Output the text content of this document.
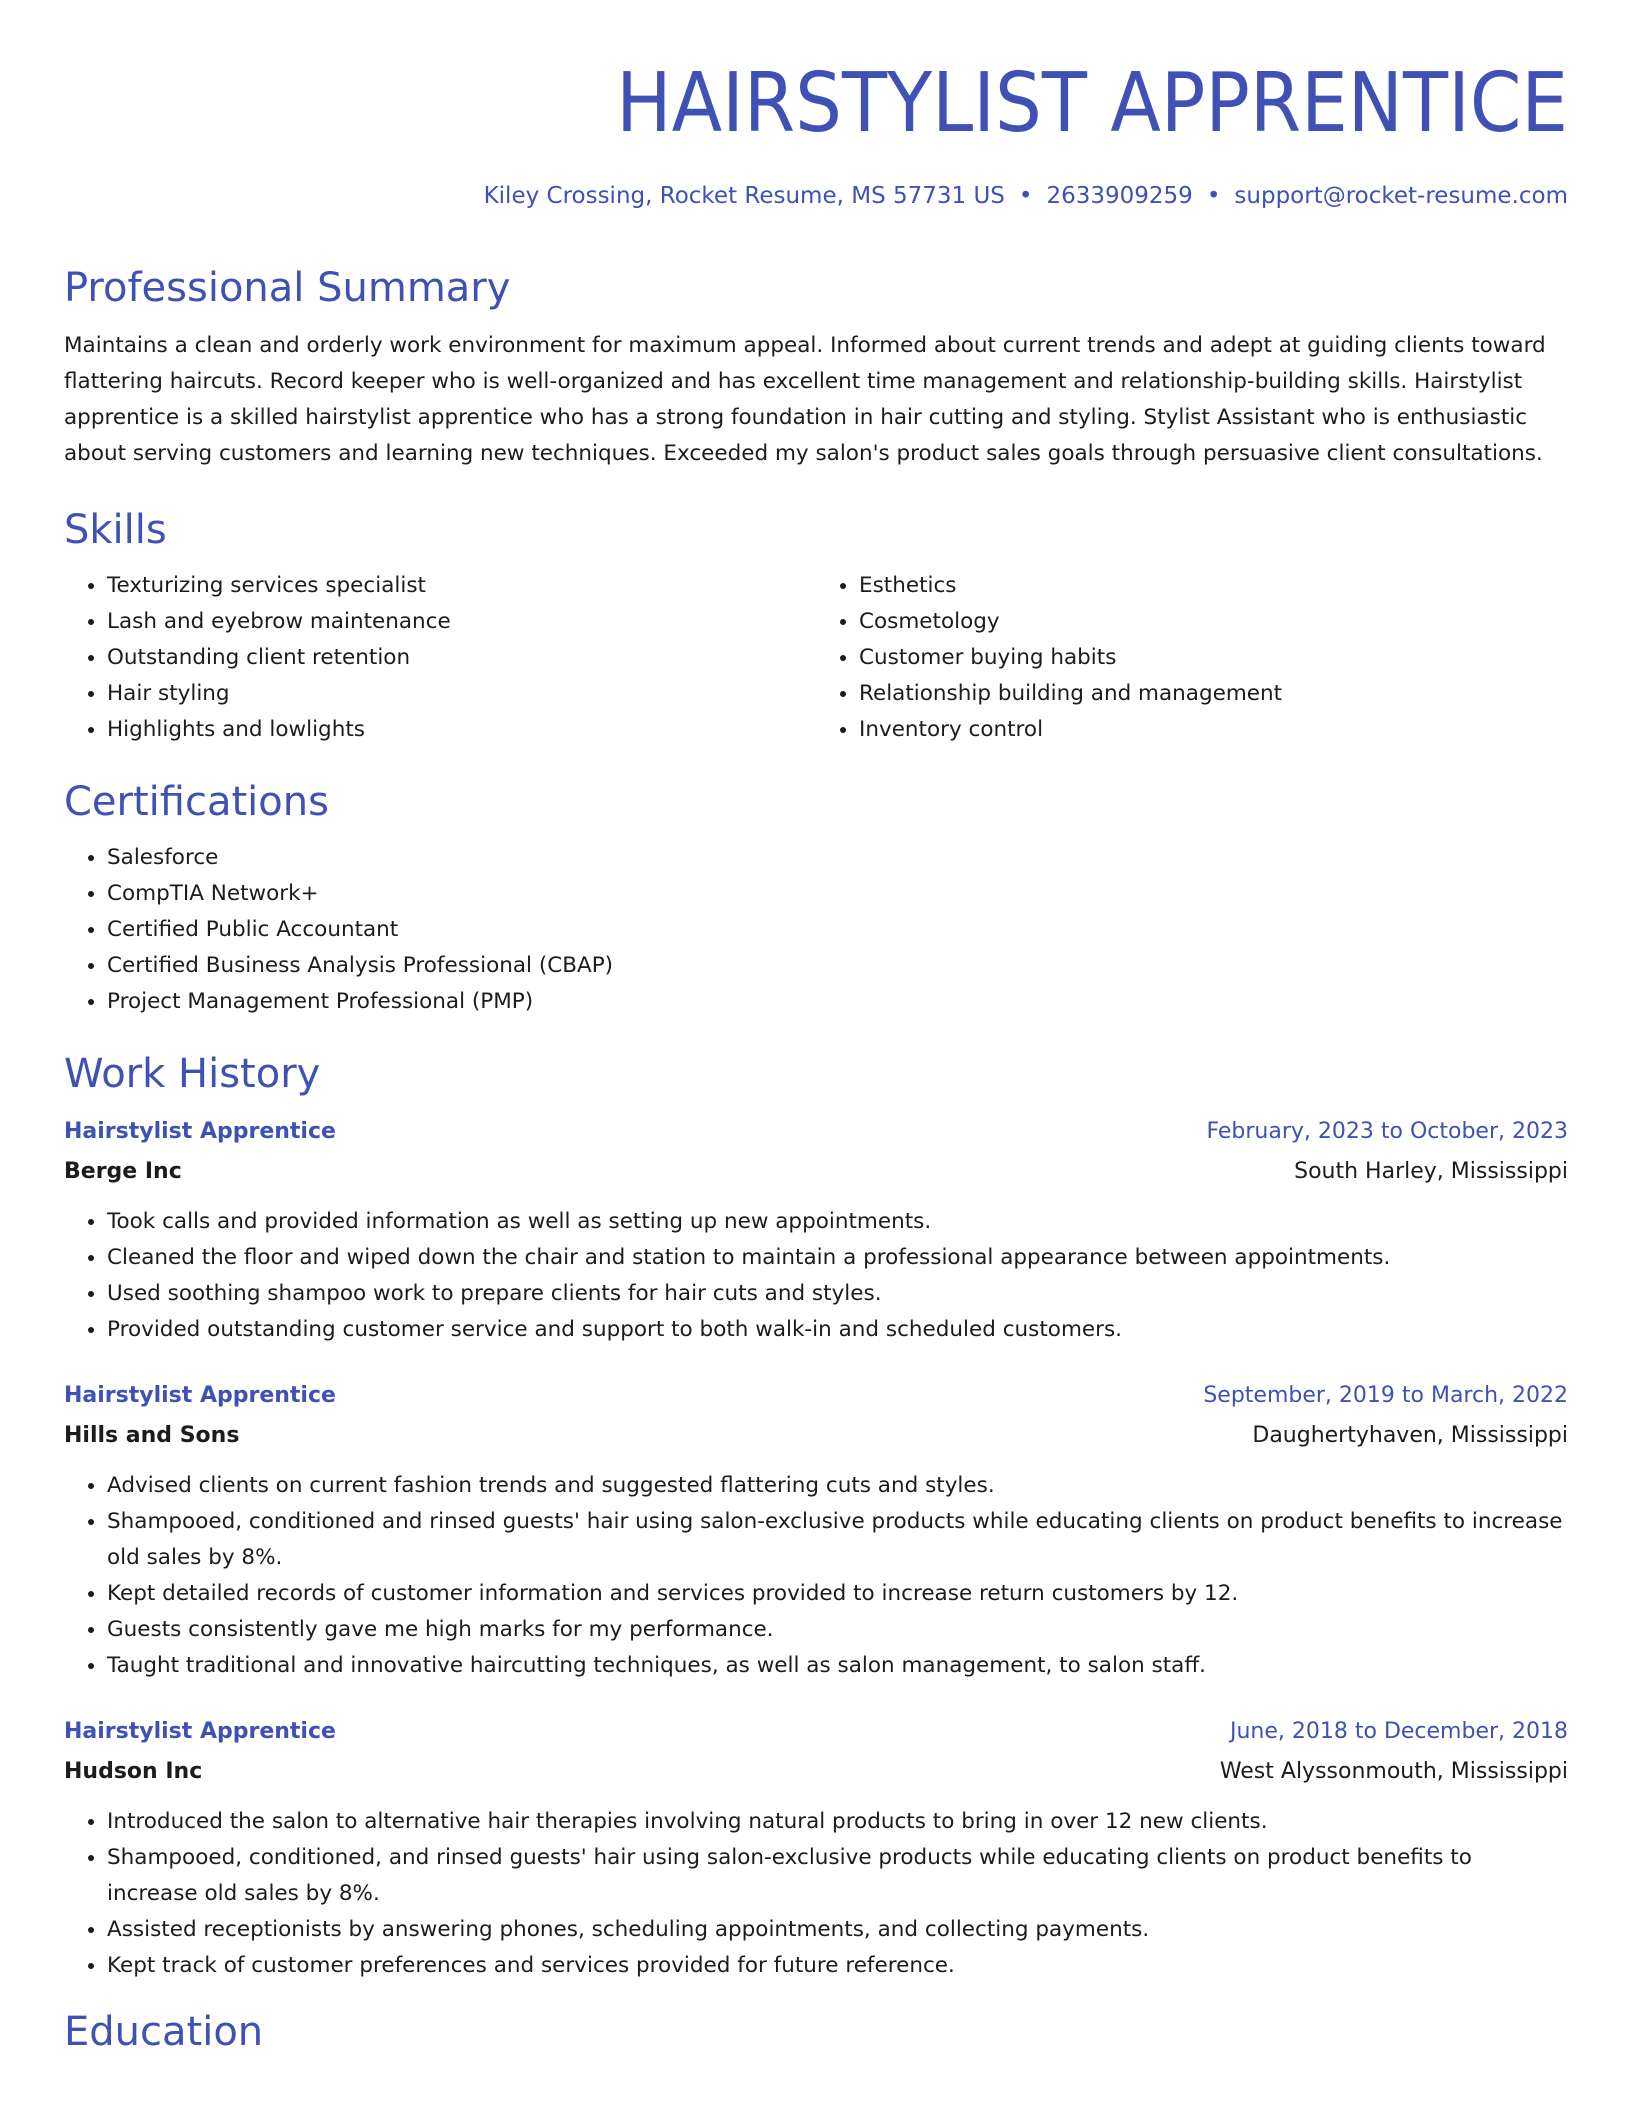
HAIRSTYLIST APPRENTICE
Kiley Crossing, Rocket Resume, MS 57731 US • 2633909259 • support@rocket-resume.com
Professional Summary

Maintains a clean and orderly work environment for maximum appeal. Informed about current trends and adept at guiding clients toward flattering haircuts. Record keeper who is well-organized and has excellent time management and relationship-building skills. Hairstylist apprentice is a skilled hairstylist apprentice who has a strong foundation in hair cutting and styling. Stylist Assistant who is enthusiastic about serving customers and learning new techniques. Exceeded my salon's product sales goals through persuasive client consultations.

Skills
• Texturizing services specialist
• Lash and eyebrow maintenance
• Outstanding client retention
• Hair styling
• Highlights and lowlights
• Esthetics
• Cosmetology
• Customer buying habits
• Relationship building and management
• Inventory control
Certifications
• Salesforce
• CompTIA Network+
• Certified Public Accountant
• Certified Business Analysis Professional (CBAP)
• Project Management Professional (PMP)
Work History
Hairstylist Apprentice	February, 2023 to October, 2023
Berge Inc	South Harley, Mississippi
• Took calls and provided information as well as setting up new appointments.
• Cleaned the floor and wiped down the chair and station to maintain a professional appearance between appointments.
• Used soothing shampoo work to prepare clients for hair cuts and styles.
• Provided outstanding customer service and support to both walk-in and scheduled customers.
Hairstylist Apprentice	September, 2019 to March, 2022
Hills and Sons	Daughertyhaven, Mississippi
• Advised clients on current fashion trends and suggested flattering cuts and styles.
• Shampooed, conditioned and rinsed guests' hair using salon-exclusive products while educating clients on product benefits to increase old sales by 8%.
• Kept detailed records of customer information and services provided to increase return customers by 12.
• Guests consistently gave me high marks for my performance.
• Taught traditional and innovative haircutting techniques, as well as salon management, to salon staff.
Hairstylist Apprentice	June, 2018 to December, 2018
Hudson Inc	West Alyssonmouth, Mississippi
• Introduced the salon to alternative hair therapies involving natural products to bring in over 12 new clients.
• Shampooed, conditioned, and rinsed guests' hair using salon-exclusive products while educating clients on product benefits to increase old sales by 8%.
• Assisted receptionists by answering phones, scheduling appointments, and collecting payments.
• Kept track of customer preferences and services provided for future reference.
Education
